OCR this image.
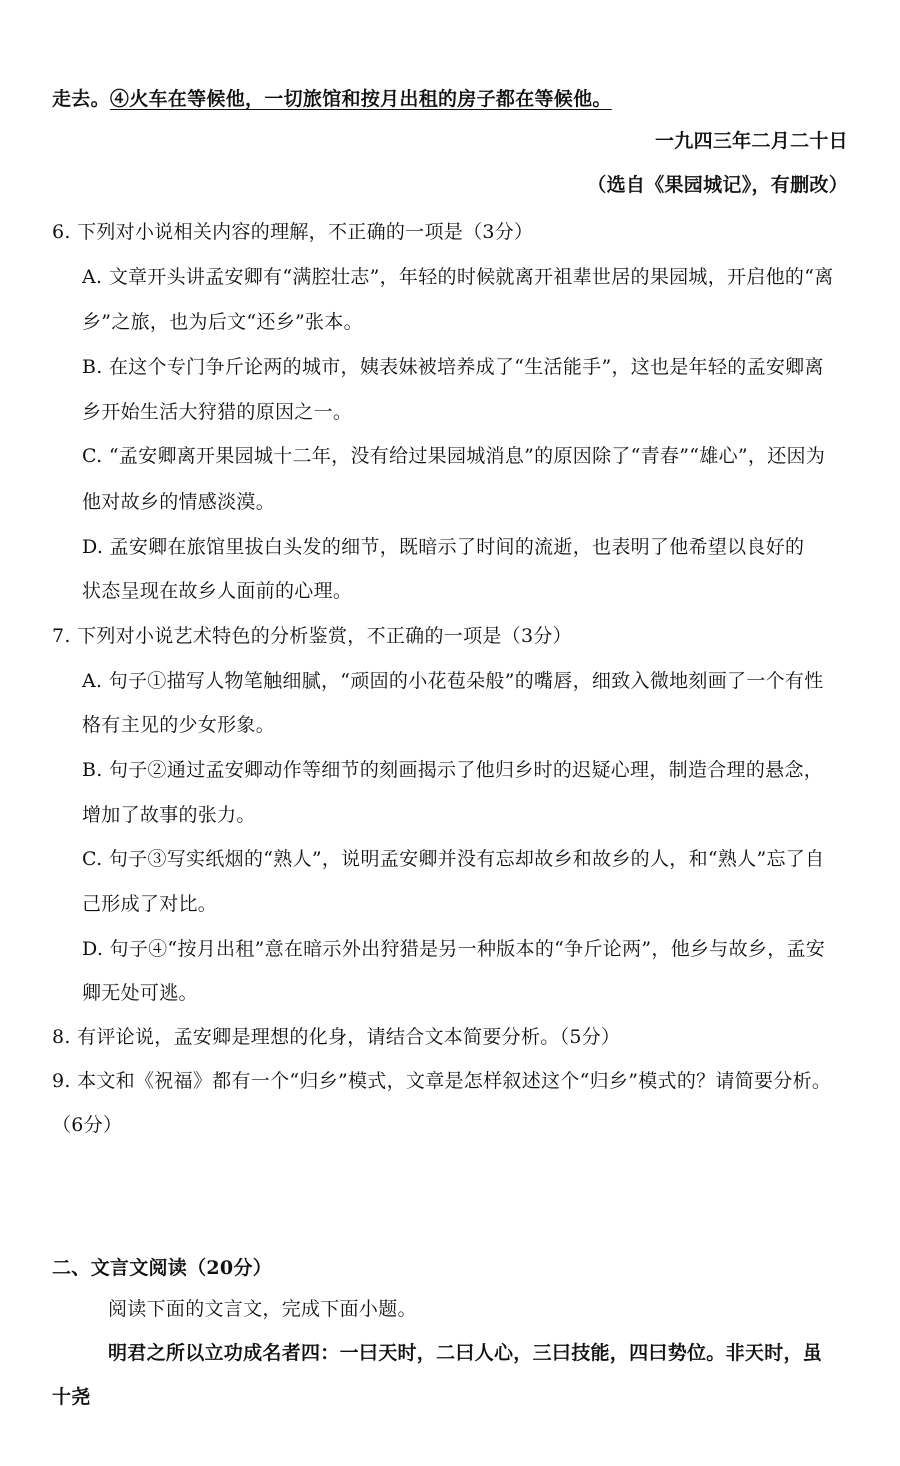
走去。④火车在等候他，一切旅馆和按月出租的房子都在等候他。
一九四三年二月二十日
（选自《果园城记》，有删改）
6. 下列对小说相关内容的理解，不正确的一项是（3分）
A. 文章开头讲孟安卿有“满腔壮志”，年轻的时候就离开祖辈世居的果园城，开启他的“离
乡”之旅，也为后文“还乡”张本。
B. 在这个专门争斤论两的城市，姨表妹被培养成了“生活能手”，这也是年轻的孟安卿离
乡开始生活大狩猎的原因之一。
C. “孟安卿离开果园城十二年，没有给过果园城消息”的原因除了“青春”“雄心”，还因为
他对故乡的情感淡漠。
D. 孟安卿在旅馆里拔白头发的细节，既暗示了时间的流逝，也表明了他希望以良好的
状态呈现在故乡人面前的心理。
7. 下列对小说艺术特色的分析鉴赏，不正确的一项是（3分）
A. 句子①描写人物笔触细腻，“顽固的小花苞朵般”的嘴唇，细致入微地刻画了一个有性
格有主见的少女形象。
B. 句子②通过孟安卿动作等细节的刻画揭示了他归乡时的迟疑心理，制造合理的悬念，
增加了故事的张力。
C. 句子③写实纸烟的“熟人”，说明孟安卿并没有忘却故乡和故乡的人，和“熟人”忘了自
己形成了对比。
D. 句子④“按月出租”意在暗示外出狩猎是另一种版本的“争斤论两”，他乡与故乡，孟安
卿无处可逃。
8. 有评论说，孟安卿是理想的化身，请结合文本简要分析。（5分）
9. 本文和《祝福》都有一个“归乡”模式，文章是怎样叙述这个“归乡”模式的？请简要分析。
（6分）
二、文言文阅读（20分）
阅读下面的文言文，完成下面小题。
明君之所以立功成名者四：一曰天时，二曰人心，三曰技能，四曰势位。非天时，虽
十尧
